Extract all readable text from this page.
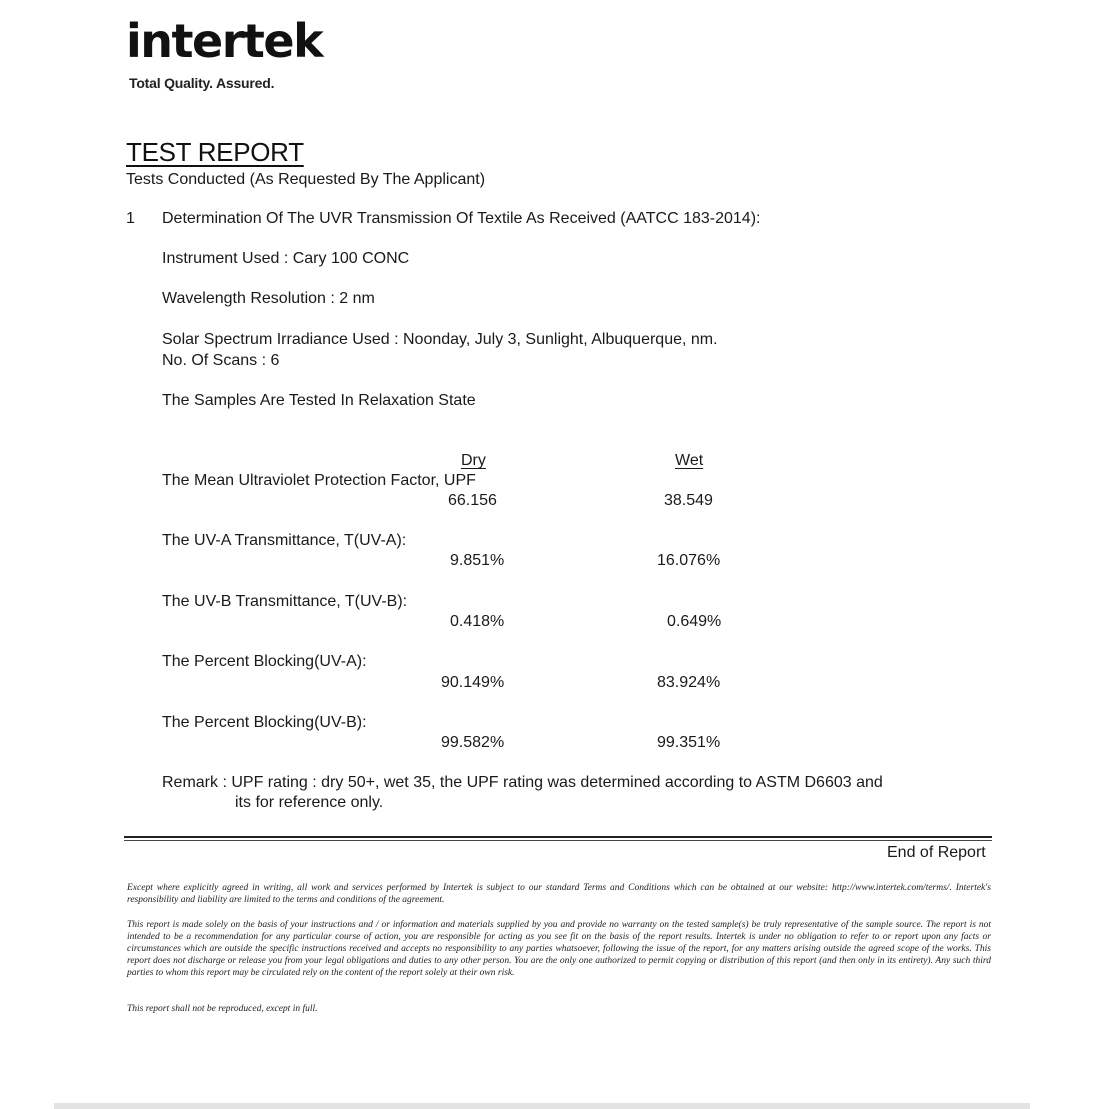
intertek
Total Quality. Assured.
TEST REPORT
Tests Conducted (As Requested By The Applicant)
1 Determination Of The UVR Transmission Of Textile As Received (AATCC 183-2014):
Instrument Used : Cary 100 CONC
Wavelength Resolution : 2 nm
Solar Spectrum Irradiance Used : Noonday, July 3, Sunlight, Albuquerque, nm.
No. Of Scans : 6
The Samples Are Tested In Relaxation State
Dry	Wet
The Mean Ultraviolet Protection Factor, UPF
66.156	38.549
The UV-A Transmittance, T(UV-A):
9.851%	16.076%
The UV-B Transmittance, T(UV-B):
0.418%	0.649%
The Percent Blocking(UV-A):
90.149%	83.924%
The Percent Blocking(UV-B):
99.582%	99.351%
Remark : UPF rating : dry 50+, wet 35, the UPF rating was determined according to ASTM D6603 and
its for reference only.
End of Report
Except where explicitly agreed in writing, all work and services performed by Intertek is subject to our standard Terms and Conditions which can be obtained at our website: http://www.intertek.com/terms/. Intertek's responsibility and liability are limited to the terms and conditions of the agreement.
This report is made solely on the basis of your instructions and / or information and materials supplied by you and provide no warranty on the tested sample(s) be truly representative of the sample source. The report is not intended to be a recommendation for any particular course of action, you are responsible for acting as you see fit on the basis of the report results. Intertek is under no obligation to refer to or report upon any facts or circumstances which are outside the specific instructions received and accepts no responsibility to any parties whatsoever, following the issue of the report, for any matters arising outside the agreed scope of the works. This report does not discharge or release you from your legal obligations and duties to any other person. You are the only one authorized to permit copying or distribution of this report (and then only in its entirety). Any such third parties to whom this report may be circulated rely on the content of the report solely at their own risk.
This report shall not be reproduced, except in full.
